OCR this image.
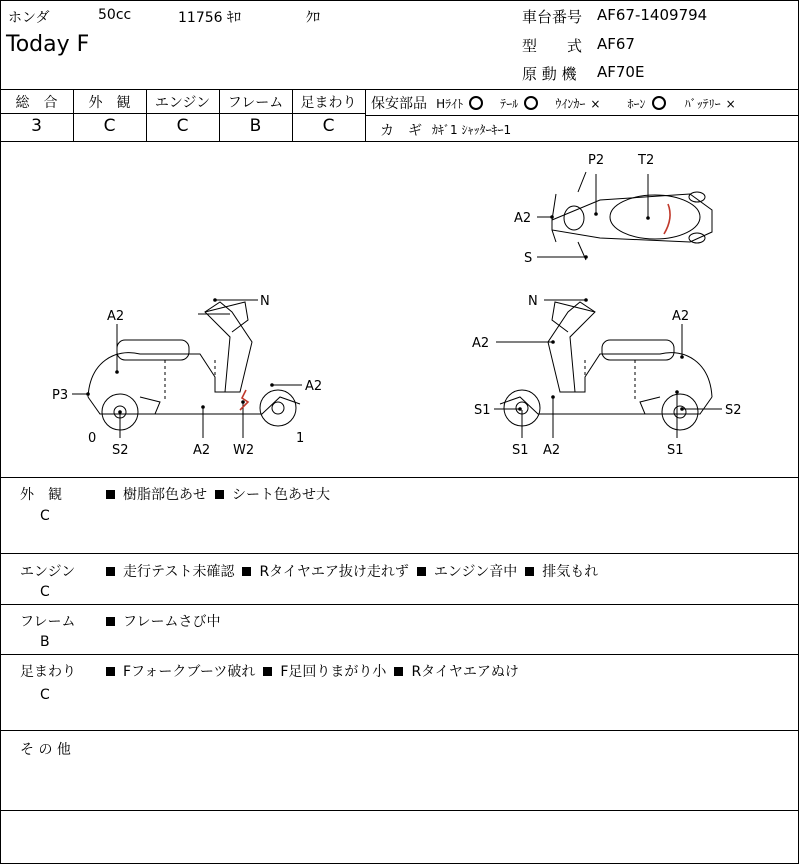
ホンダ	50cc	11756 ｷﾛ	ｸﾛ
Today F
車台番号 AF67-1409794
型　　式 AF67
原 動 機 AF70E
総　合	外　観	エンジン	フレーム	足まわり
3	C	C	B	C
保安部品 Hﾗｲﾄ	ﾃｰﾙ	ｳｲﾝｶｰ × ﾎｰﾝ	ﾊﾞｯﾃﾘｰ ×
カ　ギ ｶｷﾞ1 ｼｬｯﾀｰｷｰ1
P2	T2
A2
S
N
A2
P3
A2
0
S2	A2 W2
1
N
A2
A2
S1
S1 A2
S2
S1
外　観
C
樹脂部色あせ シート色あせ大
エンジン
C
走行テスト未確認 Rタイヤエア抜け走れず エンジン音中 排気もれ
フレーム
B
フレームさび中
足まわり
C
Fフォークブーツ破れ F足回りまがり小 Rタイヤエアぬけ
そ の 他
